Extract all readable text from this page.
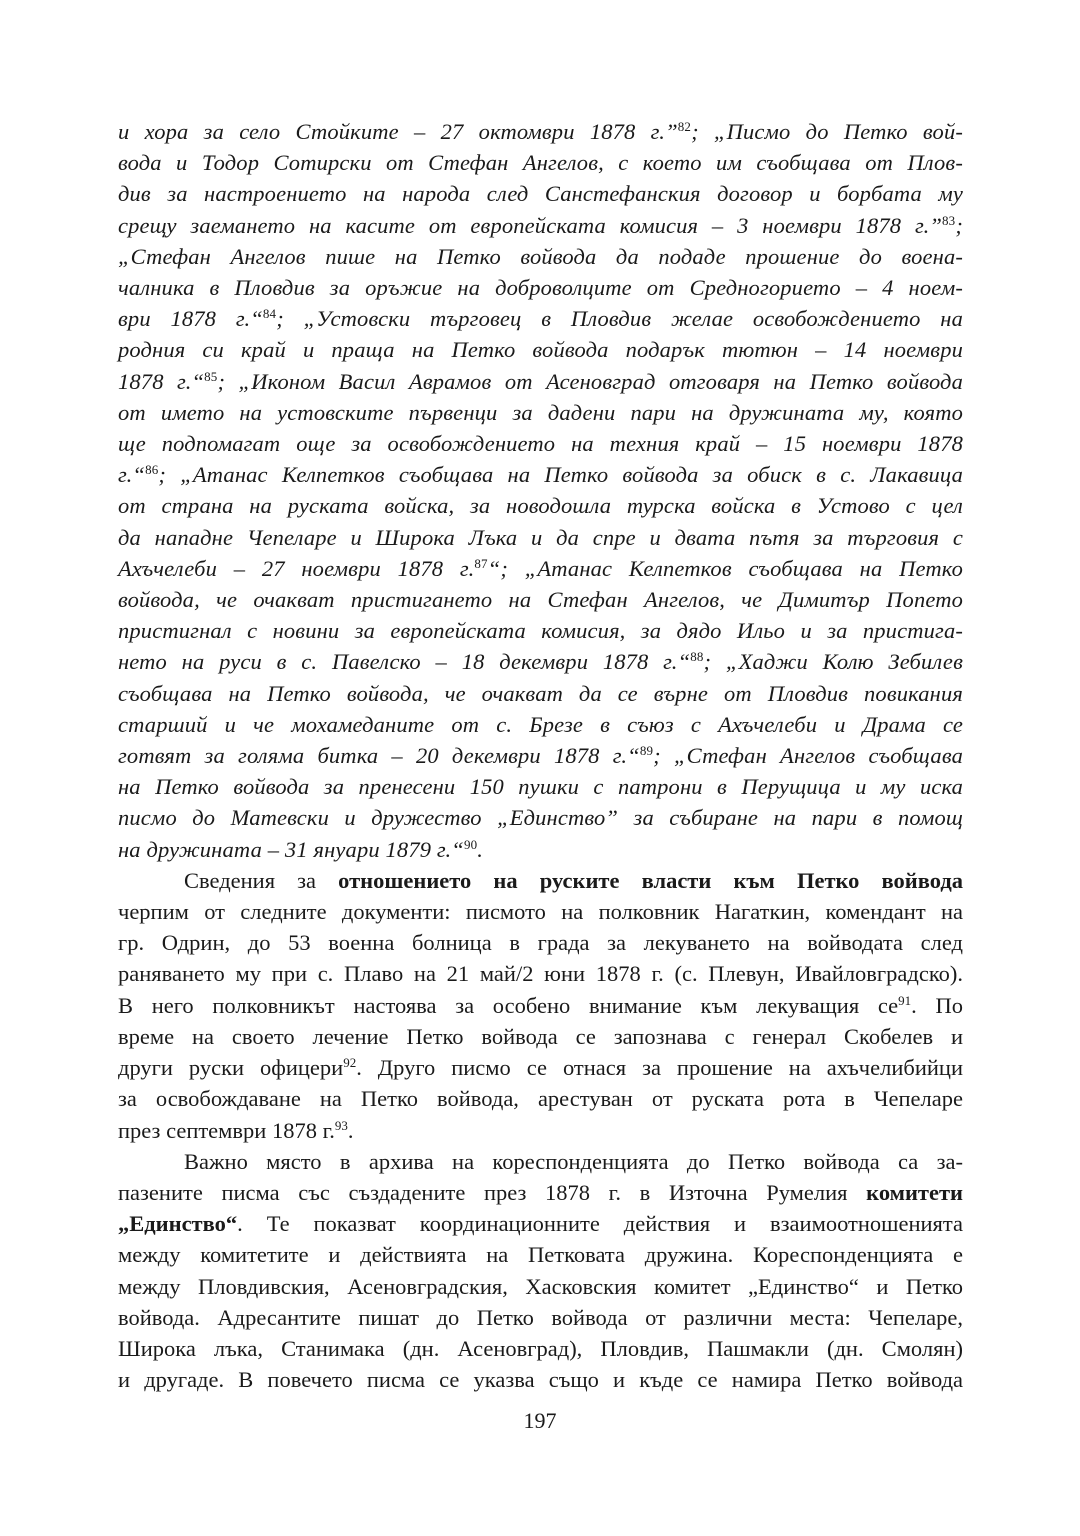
и хора за село Стойките – 27 октомври 1878 г.”$^{82}$; „Писмо до Петко вой-
вода и Тодор Сотирски от Стефан Ангелов, с което им съобщава от Плов-
див за настроението на народа след Санстефанския договор и борбата му
срещу заемането на касите от европейската комисия – 3 ноември 1878 г.”$^{83}$;
„Стефан Ангелов пише на Петко войвода да подаде прошение до воена-
чалника в Пловдив за оръжие на доброволците от Средногорието – 4 ноем-
ври 1878 г.“$^{84}$; „Устовски търговец в Пловдив желае освобождението на
родния си край и праща на Петко войвода подарък тютюн – 14 ноември
1878 г.“$^{85}$; „Иконом Васил Аврамов от Асеновград отговаря на Петко войвода
от името на устовските първенци за дадени пари на дружината му, която
ще подпомагат още за освобождението на техния край – 15 ноември 1878
г.“$^{86}$; „Атанас Келпетков съобщава на Петко войвода за обиск в с. Лакавица
от страна на руската войска, за новодошла турска войска в Устово с цел
да нападне Чепеларе и Широка Лъка и да спре и двата пътя за търговия с
Ахъчелеби – 27 ноември 1878 г.$^{87}$“; „Атанас Келпетков съобщава на Петко
войвода, че очакват пристигането на Стефан Ангелов, че Димитър Попето
пристигнал с новини за европейската комисия, за дядо Ильо и за пристига-
нето на руси в с. Павелско – 18 декември 1878 г.“$^{88}$; „Хаджи Колю Зебилев
съобщава на Петко войвода, че очакват да се върне от Пловдив повикания
старший и че мохамеданите от с. Брезе в съюз с Ахъчелеби и Драма се
готвят за голяма битка – 20 декември 1878 г.“$^{89}$; „Стефан Ангелов съобщава
на Петко войвода за пренесени 150 пушки с патрони в Перущица и му иска
писмо до Матевски и дружество „Единство” за събиране на пари в помощ
на дружината – 31 януари 1879 г.“$^{90}$.
Сведения за отношението на руските власти към Петко войвода
черпим от следните документи: писмото на полковник Нагаткин, комендант на
гр. Одрин, до 53 военна болница в града за лекуването на войводата след
раняването му при с. Плаво на 21 май/2 юни 1878 г. (с. Плевун, Ивайловградско).
В него полковникът настоява за особено внимание към лекуващия $се^{91}$. По
време на своето лечение Петко войвода се запознава с генерал Скобелев и
други руски офицери$^{92}$. Друго писмо се отнася за прошение на ахъчелибийци
за освобождаване на Петко войвода, арестуван от руската рота в Чепеларе
през септември 1878 г.$^{93}$.
Важно място в архива на кореспонденцията до Петко войвода са за-
пазените писма със създадените през 1878 г. в Източна Румелия комитети
„Единство“. Те показват координационните действия и взаимоотношенията
между комитетите и действията на Петковата дружина. Кореспонденцията е
между Пловдивския, Асеновградския, Хасковския комитет „Единство“ и Петко
войвода. Адресантите пишат до Петко войвода от различни места: Чепеларе,
Широка лъка, Станимака (дн. Асеновград), Пловдив, Пашмакли (дн. Смолян)
и другаде. В повечето писма се указва също и къде се намира Петко войвода
197
